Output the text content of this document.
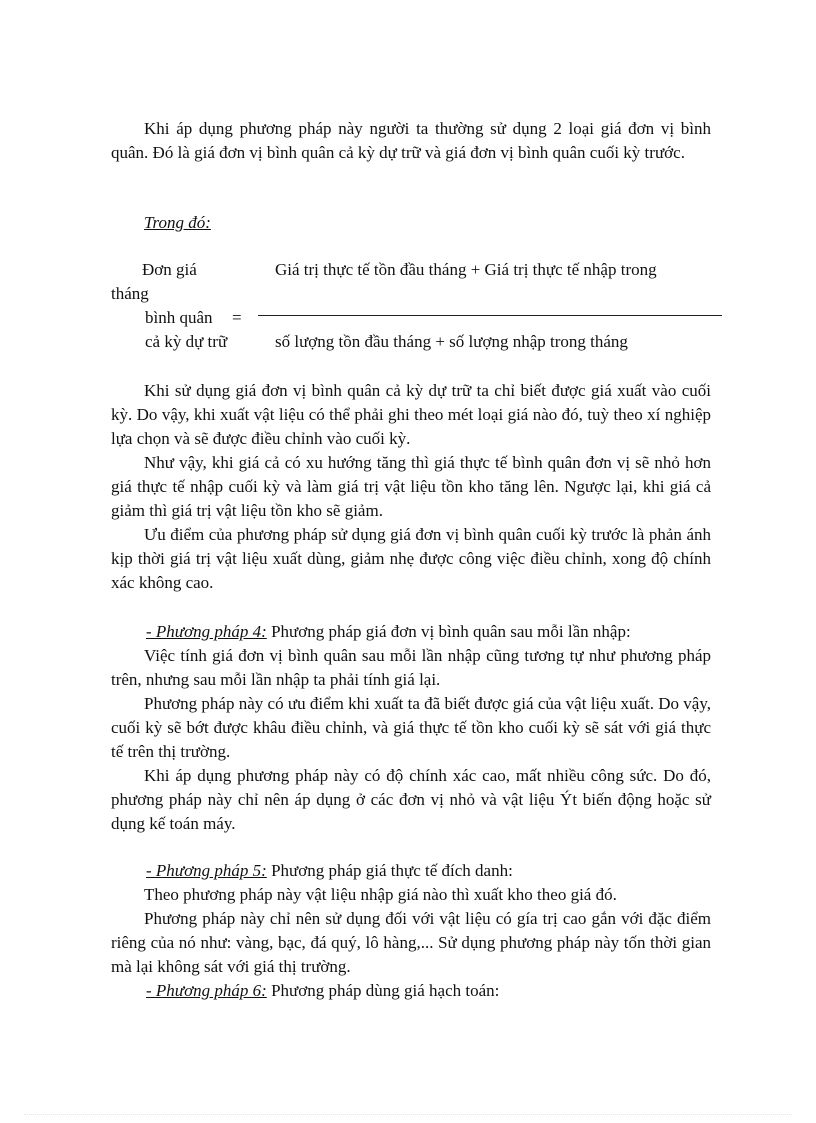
Khi áp dụng phương pháp này người ta thường sử dụng 2 loại giá đơn vị bình quân. Đó là giá đơn vị bình quân cả kỳ dự trữ và giá đơn vị bình quân cuối kỳ trước.

Trong đó:

Đơn giá
tháng
bình quân =
cả kỳ dự trữ
Giá trị thực tế tồn đầu tháng + Giá trị thực tế nhập trong
số lượng tồn đầu tháng + số lượng nhập trong tháng

Khi sử dụng giá đơn vị bình quân cả kỳ dự trữ ta chỉ biết được giá xuất vào cuối kỳ. Do vậy, khi xuất vật liệu có thể phải ghi theo mét loại giá nào đó, tuỳ theo xí nghiệp lựa chọn và sẽ được điều chỉnh vào cuối kỳ.

Như vậy, khi giá cả có xu hướng tăng thì giá thực tế bình quân đơn vị sẽ nhỏ hơn giá thực tế nhập cuối kỳ và làm giá trị vật liệu tồn kho tăng lên. Ngược lại, khi giá cả giảm thì giá trị vật liệu tồn kho sẽ giảm.

Ưu điểm của phương pháp sử dụng giá đơn vị bình quân cuối kỳ trước là phản ánh kịp thời giá trị vật liệu xuất dùng, giảm nhẹ được công việc điều chỉnh, xong độ chính xác không cao.

- Phương pháp 4: Phương pháp giá đơn vị bình quân sau mỗi lần nhập:

Việc tính giá đơn vị bình quân sau mỗi lần nhập cũng tương tự như phương pháp trên, nhưng sau mỗi lần nhập ta phải tính giá lại.

Phương pháp này có ưu điểm khi xuất ta đã biết được giá của vật liệu xuất. Do vậy, cuối kỳ sẽ bớt được khâu điều chỉnh, và giá thực tế tồn kho cuối kỳ sẽ sát với giá thực tế trên thị trường.

Khi áp dụng phương pháp này có độ chính xác cao, mất nhiều công sức. Do đó, phương pháp này chỉ nên áp dụng ở các đơn vị nhỏ và vật liệu Ýt biến động hoặc sử dụng kế toán máy.

- Phương pháp 5: Phương pháp giá thực tế đích danh:

Theo phương pháp này vật liệu nhập giá nào thì xuất kho theo giá đó.

Phương pháp này chỉ nên sử dụng đối với vật liệu có gía trị cao gắn với đặc điểm riêng của nó như: vàng, bạc, đá quý, lô hàng,... Sử dụng phương pháp này tốn thời gian mà lại không sát với giá thị trường.

- Phương pháp 6: Phương pháp dùng giá hạch toán:
